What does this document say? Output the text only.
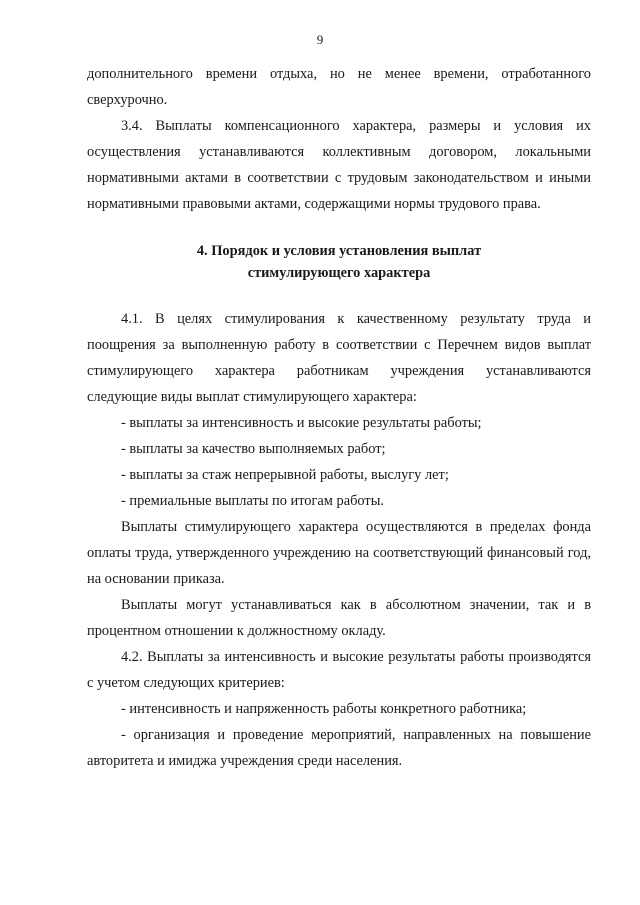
9

дополнительного времени отдыха, но не менее времени, отработанного сверхурочно.

3.4. Выплаты компенсационного характера, размеры и условия их осуществления устанавливаются коллективным договором, локальными нормативными актами в соответствии с трудовым законодательством и иными нормативными правовыми актами, содержащими нормы трудового права.

4. Порядок и условия установления выплат
стимулирующего характера

4.1. В целях стимулирования к качественному результату труда и поощрения за выполненную работу в соответствии с Перечнем видов выплат стимулирующего характера работникам учреждения устанавливаются следующие виды выплат стимулирующего характера:

- выплаты за интенсивность и высокие результаты работы;

- выплаты за качество выполняемых работ;

- выплаты за стаж непрерывной работы, выслугу лет;

- премиальные выплаты по итогам работы.

Выплаты стимулирующего характера осуществляются в пределах фонда оплаты труда, утвержденного учреждению на соответствующий финансовый год, на основании приказа.

Выплаты могут устанавливаться как в абсолютном значении, так и в процентном отношении к должностному окладу.

4.2. Выплаты за интенсивность и высокие результаты работы производятся с учетом следующих критериев:

- интенсивность и напряженность работы конкретного работника;

- организация и проведение мероприятий, направленных на повышение авторитета и имиджа учреждения среди населения.
